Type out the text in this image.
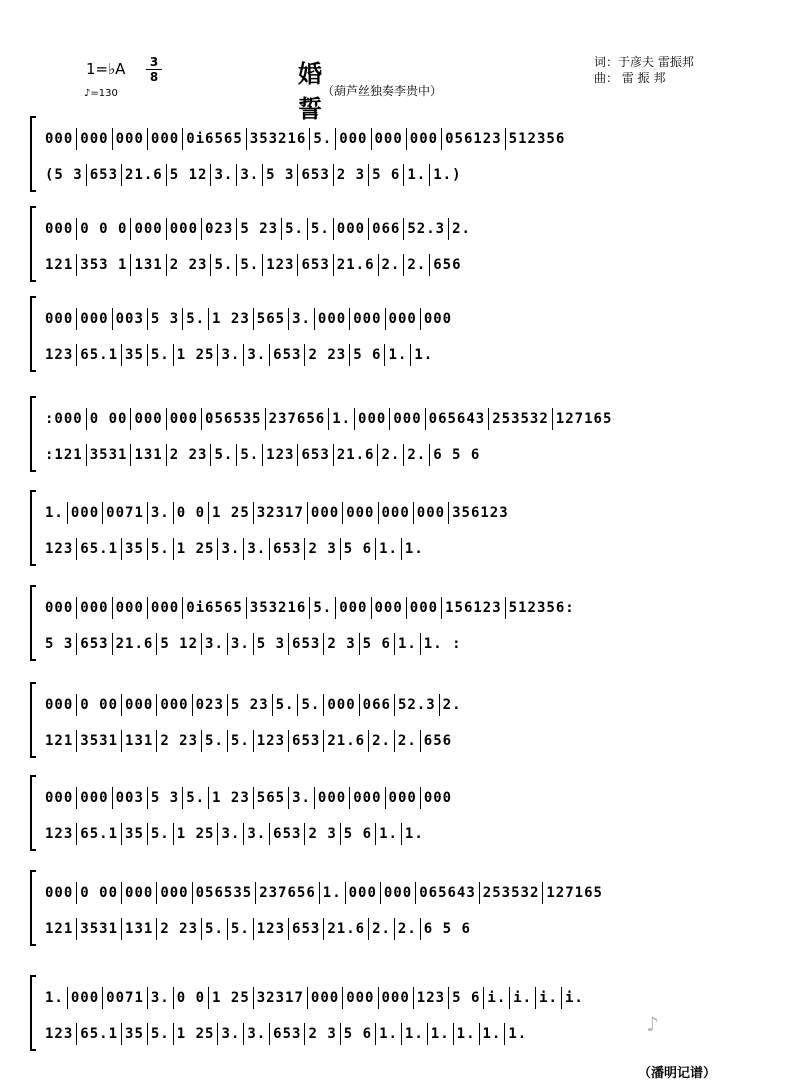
1=♭A	3
8
♪=130
婚誓
（葫芦丝独奏李贵中）
词：于彦夫 雷振邦
曲： 雷 振 邦
000 000 000 000 0i6565 353216 5. 000 000 000 056123 512356
(5 3 653 21.6 5 12 3. 3. 5 3 653 2 3 5 6 1. 1.)
000 0 0 0 000 000 023 5 23 5. 5. 000 066 52.3 2.
121 353 1 131 2 23 5. 5. 123 653 21.6 2. 2. 656
000 000 003 5 3 5. 1 23 565 3. 000 000 000 000
123 65.1 35 5. 1 25 3. 3. 653 2 23 5 6 1. 1.
:000 0 00 000 000 056535 237656 1. 000 000 065643 253532 127165
:121 3531 131 2 23 5. 5. 123 653 21.6 2. 2. 6 5 6
1. 000 0071 3. 0 0 1 25 32317 000 000 000 000 356123
123 65.1 35 5. 1 25 3. 3. 653 2 3 5 6 1. 1.
000 000 000 000 0i6565 353216 5. 000 000 000 156123 512356:
5 3 653 21.6 5 12 3. 3. 5 3 653 2 3 5 6 1. 1. :
000 0 00 000 000 023 5 23 5. 5. 000 066 52.3 2.
121 3531 131 2 23 5. 5. 123 653 21.6 2. 2. 656
000 000 003 5 3 5. 1 23 565 3. 000 000 000 000
123 65.1 35 5. 1 25 3. 3. 653 2 3 5 6 1. 1.
000 0 00 000 000 056535 237656 1. 000 000 065643 253532 127165
121 3531 131 2 23 5. 5. 123 653 21.6 2. 2. 6 5 6
1. 000 0071 3. 0 0 1 25 32317 000 000 000 123 5 6 i. i. i. i.
123 65.1 35 5. 1 25 3. 3. 653 2 3 5 6 1. 1. 1. 1. 1. 1.	♪
（潘明记谱）
